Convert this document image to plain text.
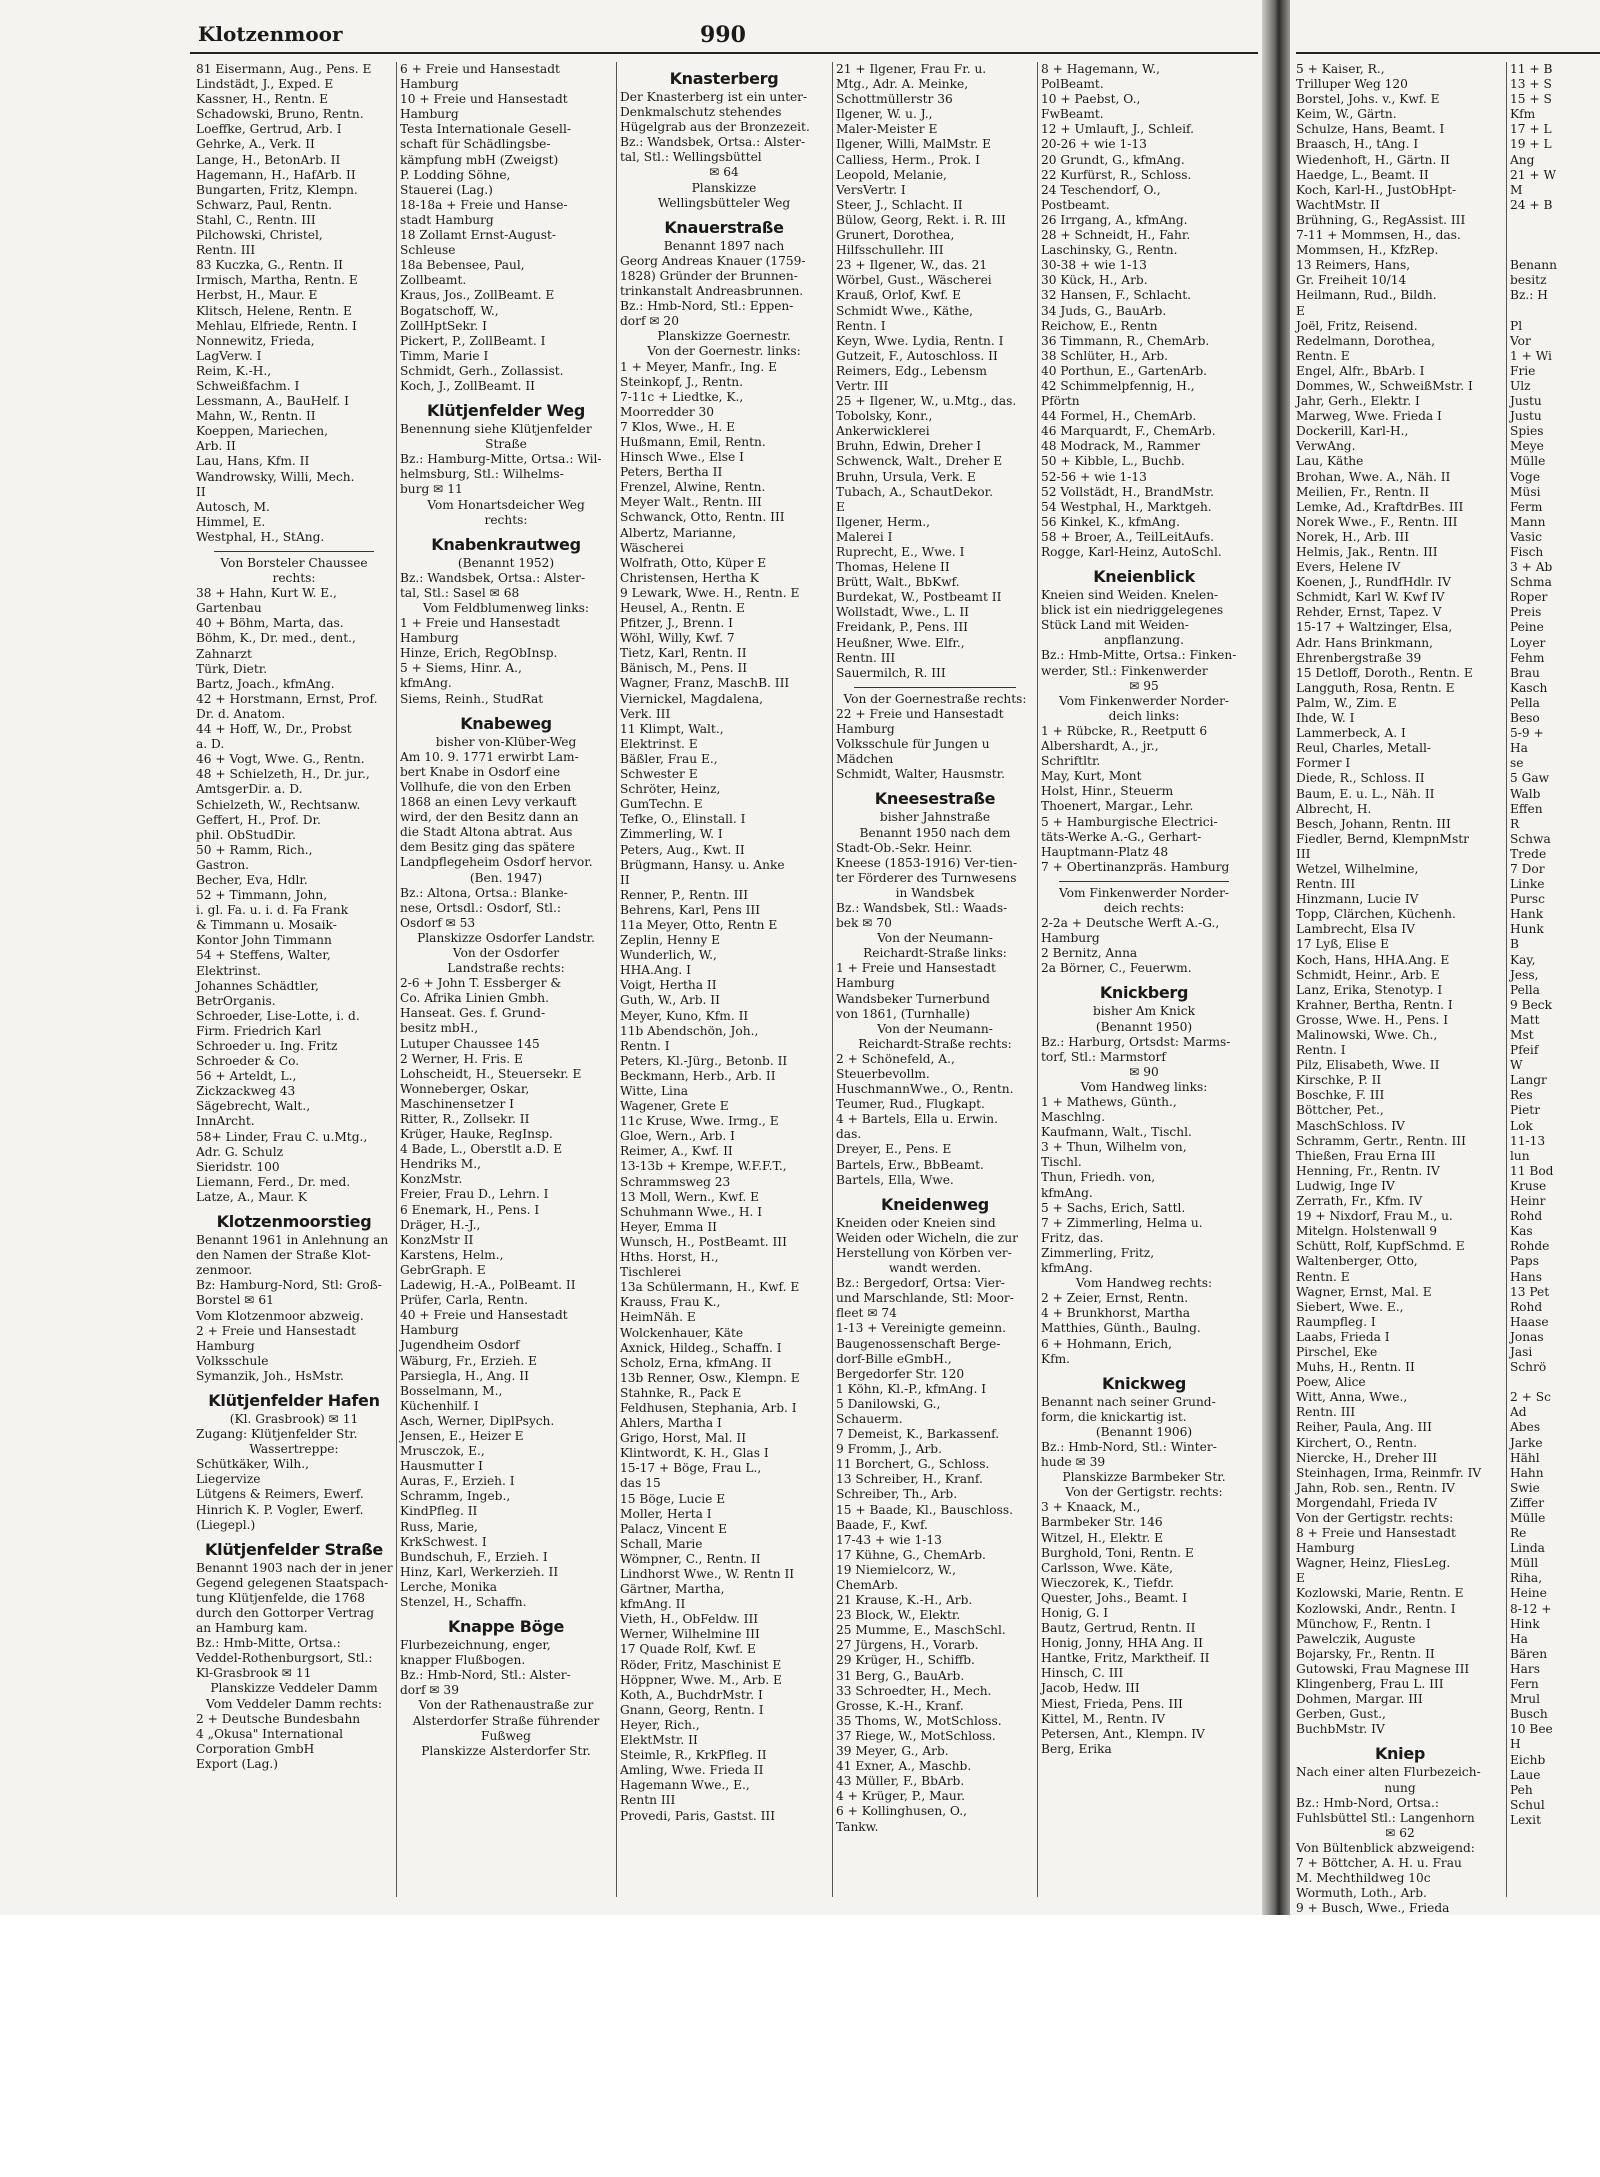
Klotzenmoor	990
81 Eisermann, Aug., Pens. E
Lindstädt, J., Exped. E
Kassner, H., Rentn. E
Schadowski, Bruno, Rentn.
Loeffke, Gertrud, Arb. I
Gehrke, A., Verk. II
Lange, H., BetonArb. II
Hagemann, H., HafArb. II
Bungarten, Fritz, Klempn.
Schwarz, Paul, Rentn.
Stahl, C., Rentn. III
Pilchowski, Christel,
Rentn. III
83 Kuczka, G., Rentn. II
Irmisch, Martha, Rentn. E
Herbst, H., Maur. E
Klitsch, Helene, Rentn. E
Mehlau, Elfriede, Rentn. I
Nonnewitz, Frieda,
LagVerw. I
Reim, K.-H.,
Schweißfachm. I
Lessmann, A., BauHelf. I
Mahn, W., Rentn. II
Koeppen, Mariechen,
Arb. II
Lau, Hans, Kfm. II
Wandrowsky, Willi, Mech.
II
Autosch, M.
Himmel, E.
Westphal, H., StAng.
Von Borsteler Chaussee
rechts:
38 + Hahn, Kurt W. E.,
Gartenbau
40 + Böhm, Marta, das.
Böhm, K., Dr. med., dent.,
Zahnarzt
Türk, Dietr.
Bartz, Joach., kfmAng.
42 + Horstmann, Ernst, Prof.
Dr. d. Anatom.
44 + Hoff, W., Dr., Probst
a. D.
46 + Vogt, Wwe. G., Rentn.
48 + Schielzeth, H., Dr. jur.,
AmtsgerDir. a. D.
Schielzeth, W., Rechtsanw.
Geffert, H., Prof. Dr.
phil. ObStudDir.
50 + Ramm, Rich.,
Gastron.
Becher, Eva, Hdlr.
52 + Timmann, John,
i. gl. Fa. u. i. d. Fa Frank
& Timmann u. Mosaik-
Kontor John Timmann
54 + Steffens, Walter,
Elektrinst.
Johannes Schädtler,
BetrOrganis.
Schroeder, Lise-Lotte, i. d.
Firm. Friedrich Karl
Schroeder u. Ing. Fritz
Schroeder & Co.
56 + Arteldt, L.,
Zickzackweg 43
Sägebrecht, Walt.,
InnArcht.
58+ Linder, Frau C. u.Mtg.,
Adr. G. Schulz
Sieridstr. 100
Liemann, Ferd., Dr. med.
Latze, A., Maur. K
Klotzenmoorstieg
Benannt 1961 in Anlehnung an
den Namen der Straße Klot-
zenmoor.
Bz: Hamburg-Nord, Stl: Groß-
Borstel ✉ 61
Vom Klotzenmoor abzweig.
2 + Freie und Hansestadt
Hamburg
Volksschule
Symanzik, Joh., HsMstr.
Klütjenfelder Hafen
(Kl. Grasbrook) ✉ 11
Zugang: Klütjenfelder Str.
Wassertreppe:
Schütkäker, Wilh.,
Liegervize
Lütgens & Reimers, Ewerf.
Hinrich K. P. Vogler, Ewerf.
(Liegepl.)
Klütjenfelder Straße
Benannt 1903 nach der in jener
Gegend gelegenen Staatspach-
tung Klütjenfelde, die 1768
durch den Gottorper Vertrag
an Hamburg kam.
Bz.: Hmb-Mitte, Ortsa.:
Veddel-Rothenburgsort, Stl.:
Kl-Grasbrook ✉ 11
Planskizze Veddeler Damm
Vom Veddeler Damm rechts:
2 + Deutsche Bundesbahn
4 „Okusa" International
Corporation GmbH
Export (Lag.)
6 + Freie und Hansestadt
Hamburg
10 + Freie und Hansestadt
Hamburg
Testa Internationale Gesell-
schaft für Schädlingsbe-
kämpfung mbH (Zweigst)
P. Lodding Söhne,
Stauerei (Lag.)
18-18a + Freie und Hanse-
stadt Hamburg
18 Zollamt Ernst-August-
Schleuse
18a Bebensee, Paul,
Zollbeamt.
Kraus, Jos., ZollBeamt. E
Bogatschoff, W.,
ZollHptSekr. I
Pickert, P., ZollBeamt. I
Timm, Marie I
Schmidt, Gerh., Zollassist.
Koch, J., ZollBeamt. II
Klütjenfelder Weg
Benennung siehe Klütjenfelder
Straße
Bz.: Hamburg-Mitte, Ortsa.: Wil-
helmsburg, Stl.: Wilhelms-
burg ✉ 11
Vom Honartsdeicher Weg
rechts:
Knabenkrautweg
(Benannt 1952)
Bz.: Wandsbek, Ortsa.: Alster-
tal, Stl.: Sasel ✉ 68
Vom Feldblumenweg links:
1 + Freie und Hansestadt
Hamburg
Hinze, Erich, RegObInsp.
5 + Siems, Hinr. A.,
kfmAng.
Siems, Reinh., StudRat
Knabeweg
bisher von-Klüber-Weg
Am 10. 9. 1771 erwirbt Lam-
bert Knabe in Osdorf eine
Vollhufe, die von den Erben
1868 an einen Levy verkauft
wird, der den Besitz dann an
die Stadt Altona abtrat. Aus
dem Besitz ging das spätere
Landpflegeheim Osdorf hervor.
(Ben. 1947)
Bz.: Altona, Ortsa.: Blanke-
nese, Ortsdl.: Osdorf, Stl.:
Osdorf ✉ 53
Planskizze Osdorfer Landstr.
Von der Osdorfer
Landstraße rechts:
2-6 + John T. Essberger &
Co. Afrika Linien Gmbh.
Hanseat. Ges. f. Grund-
besitz mbH.,
Lutuper Chaussee 145
2 Werner, H. Fris. E
Lohscheidt, H., Steuersekr. E
Wonneberger, Oskar,
Maschinensetzer I
Ritter, R., Zollsekr. II
Krüger, Hauke, RegInsp.
4 Bade, L., Oberstlt a.D. E
Hendriks M.,
KonzMstr.
Freier, Frau D., Lehrn. I
6 Enemark, H., Pens. I
Dräger, H.-J.,
KonzMstr II
Karstens, Helm.,
GebrGraph. E
Ladewig, H.-A., PolBeamt. II
Prüfer, Carla, Rentn.
40 + Freie und Hansestadt
Hamburg
Jugendheim Osdorf
Wäburg, Fr., Erzieh. E
Parsiegla, H., Ang. II
Bosselmann, M.,
Küchenhilf. I
Asch, Werner, DiplPsych.
Jensen, E., Heizer E
Mrusczok, E.,
Hausmutter I
Auras, F., Erzieh. I
Schramm, Ingeb.,
KindPfleg. II
Russ, Marie,
KrkSchwest. I
Bundschuh, F., Erzieh. I
Hinz, Karl, Werkerzieh. II
Lerche, Monika
Stenzel, H., Schaffn.
Knappe Böge
Flurbezeichnung, enger,
knapper Flußbogen.
Bz.: Hmb-Nord, Stl.: Alster-
dorf ✉ 39
Von der Rathenaustraße zur
Alsterdorfer Straße führender
Fußweg
Planskizze Alsterdorfer Str.
Knasterberg
Der Knasterberg ist ein unter-
Denkmalschutz stehendes
Hügelgrab aus der Bronzezeit.
Bz.: Wandsbek, Ortsa.: Alster-
tal, Stl.: Wellingsbüttel
✉ 64
Planskizze
Wellingsbütteler Weg
Knauerstraße
Benannt 1897 nach
Georg Andreas Knauer (1759-
1828) Gründer der Brunnen-
trinkanstalt Andreasbrunnen.
Bz.: Hmb-Nord, Stl.: Eppen-
dorf ✉ 20
Planskizze Goernestr.
Von der Goernestr. links:
1 + Meyer, Manfr., Ing. E
Steinkopf, J., Rentn.
7-11c + Liedtke, K.,
Moorredder 30
7 Klos, Wwe., H. E
Hußmann, Emil, Rentn.
Hinsch Wwe., Else I
Peters, Bertha II
Frenzel, Alwine, Rentn.
Meyer Walt., Rentn. III
Schwanck, Otto, Rentn. III
Albertz, Marianne,
Wäscherei
Wolfrath, Otto, Küper E
Christensen, Hertha K
9 Lewark, Wwe. H., Rentn. E
Heusel, A., Rentn. E
Pfitzer, J., Brenn. I
Wöhl, Willy, Kwf. 7
Tietz, Karl, Rentn. II
Bänisch, M., Pens. II
Wagner, Franz, MaschB. III
Viernickel, Magdalena,
Verk. III
11 Klimpt, Walt.,
Elektrinst. E
Bäßler, Frau E.,
Schwester E
Schröter, Heinz,
GumTechn. E
Tefke, O., Elinstall. I
Zimmerling, W. I
Peters, Aug., Kwt. II
Brügmann, Hansy. u. Anke
II
Renner, P., Rentn. III
Behrens, Karl, Pens III
11a Meyer, Otto, Rentn E
Zeplin, Henny E
Wunderlich, W.,
HHA.Ang. I
Voigt, Hertha II
Guth, W., Arb. II
Meyer, Kuno, Kfm. II
11b Abendschön, Joh.,
Rentn. I
Peters, Kl.-Jürg., Betonb. II
Beckmann, Herb., Arb. II
Witte, Lina
Wagener, Grete E
11c Kruse, Wwe. Irmg., E
Gloe, Wern., Arb. I
Reimer, A., Kwf. II
13-13b + Krempe, W.F.F.T.,
Schrammsweg 23
13 Moll, Wern., Kwf. E
Schuhmann Wwe., H. I
Heyer, Emma II
Wunsch, H., PostBeamt. III
Hths. Horst, H.,
Tischlerei
13a Schülermann, H., Kwf. E
Krauss, Frau K.,
HeimNäh. E
Wolckenhauer, Käte
Axnick, Hildeg., Schaffn. I
Scholz, Erna, kfmAng. II
13b Renner, Osw., Klempn. E
Stahnke, R., Pack E
Feldhusen, Stephania, Arb. I
Ahlers, Martha I
Grigo, Horst, Mal. II
Klintwordt, K. H., Glas I
15-17 + Böge, Frau L.,
das 15
15 Böge, Lucie E
Moller, Herta I
Palacz, Vincent E
Schall, Marie
Wömpner, C., Rentn. II
Lindhorst Wwe., W. Rentn II
Gärtner, Martha,
kfmAng. II
Vieth, H., ObFeldw. III
Werner, Wilhelmine III
17 Quade Rolf, Kwf. E
Röder, Fritz, Maschinist E
Höppner, Wwe. M., Arb. E
Koth, A., BuchdrMstr. I
Gnann, Georg, Rentn. I
Heyer, Rich.,
ElektMstr. II
Steimle, R., KrkPfleg. II
Amling, Wwe. Frieda II
Hagemann Wwe., E.,
Rentn III
Provedi, Paris, Gastst. III
21 + Ilgener, Frau Fr. u.
Mtg., Adr. A. Meinke,
Schottmüllerstr 36
Ilgener, W. u. J.,
Maler-Meister E
Ilgener, Willi, MalMstr. E
Calliess, Herm., Prok. I
Leopold, Melanie,
VersVertr. I
Steer, J., Schlacht. II
Bülow, Georg, Rekt. i. R. III
Grunert, Dorothea,
Hilfsschullehr. III
23 + Ilgener, W., das. 21
Wörbel, Gust., Wäscherei
Krauß, Orlof, Kwf. E
Schmidt Wwe., Käthe,
Rentn. I
Keyn, Wwe. Lydia, Rentn. I
Gutzeit, F., Autoschloss. II
Reimers, Edg., Lebensm
Vertr. III
25 + Ilgener, W., u.Mtg., das.
Tobolsky, Konr.,
Ankerwicklerei
Bruhn, Edwin, Dreher I
Schwenck, Walt., Dreher E
Bruhn, Ursula, Verk. E
Tubach, A., SchautDekor.
E
Ilgener, Herm.,
Malerei I
Ruprecht, E., Wwe. I
Thomas, Helene II
Brütt, Walt., BbKwf.
Burdekat, W., Postbeamt II
Wollstadt, Wwe., L. II
Freidank, P., Pens. III
Heußner, Wwe. Elfr.,
Rentn. III
Sauermilch, R. III
Von der Goernestraße rechts:
22 + Freie und Hansestadt
Hamburg
Volksschule für Jungen u
Mädchen
Schmidt, Walter, Hausmstr.
Kneesestraße
bisher Jahnstraße
Benannt 1950 nach dem
Stadt-Ob.-Sekr. Heinr.
Kneese (1853-1916) Ver-tien-
ter Förderer des Turnwesens
in Wandsbek
Bz.: Wandsbek, Stl.: Waads-
bek ✉ 70
Von der Neumann-
Reichardt-Straße links:
1 + Freie und Hansestadt
Hamburg
Wandsbeker Turnerbund
von 1861, (Turnhalle)
Von der Neumann-
Reichardt-Straße rechts:
2 + Schönefeld, A.,
Steuerbevollm.
HuschmannWwe., O., Rentn.
Teumer, Rud., Flugkapt.
4 + Bartels, Ella u. Erwin.
das.
Dreyer, E., Pens. E
Bartels, Erw., BbBeamt.
Bartels, Ella, Wwe.
Kneidenweg
Kneiden oder Kneien sind
Weiden oder Wicheln, die zur
Herstellung von Körben ver-
wandt werden.
Bz.: Bergedorf, Ortsa: Vier-
und Marschlande, Stl: Moor-
fleet ✉ 74
1-13 + Vereinigte gemeinn.
Baugenossenschaft Berge-
dorf-Bille eGmbH.,
Bergedorfer Str. 120
1 Köhn, Kl.-P., kfmAng. I
5 Danilowski, G.,
Schauerm.
7 Demeist, K., Barkassenf.
9 Fromm, J., Arb.
11 Borchert, G., Schloss.
13 Schreiber, H., Kranf.
Schreiber, Th., Arb.
15 + Baade, Kl., Bauschloss.
Baade, F., Kwf.
17-43 + wie 1-13
17 Kühne, G., ChemArb.
19 Niemielcorz, W.,
ChemArb.
21 Krause, K.-H., Arb.
23 Block, W., Elektr.
25 Mumme, E., MaschSchl.
27 Jürgens, H., Vorarb.
29 Krüger, H., Schiffb.
31 Berg, G., BauArb.
33 Schroedter, H., Mech.
Grosse, K.-H., Kranf.
35 Thoms, W., MotSchloss.
37 Riege, W., MotSchloss.
39 Meyer, G., Arb.
41 Exner, A., Maschb.
43 Müller, F., BbArb.
4 + Krüger, P., Maur.
6 + Kollinghusen, O.,
Tankw.
8 + Hagemann, W.,
PolBeamt.
10 + Paebst, O.,
FwBeamt.
12 + Umlauft, J., Schleif.
20-26 + wie 1-13
20 Grundt, G., kfmAng.
22 Kurfürst, R., Schloss.
24 Teschendorf, O.,
Postbeamt.
26 Irrgang, A., kfmAng.
28 + Schneidt, H., Fahr.
Laschinsky, G., Rentn.
30-38 + wie 1-13
30 Kück, H., Arb.
32 Hansen, F., Schlacht.
34 Juds, G., BauArb.
Reichow, E., Rentn
36 Timmann, R., ChemArb.
38 Schlüter, H., Arb.
40 Porthun, E., GartenArb.
42 Schimmelpfennig, H.,
Pförtn
44 Formel, H., ChemArb.
46 Marquardt, F., ChemArb.
48 Modrack, M., Rammer
50 + Kibble, L., Buchb.
52-56 + wie 1-13
52 Vollstädt, H., BrandMstr.
54 Westphal, H., Marktgeh.
56 Kinkel, K., kfmAng.
58 + Broer, A., TeilLeitAufs.
Rogge, Karl-Heinz, AutoSchl.
Kneienblick
Kneien sind Weiden. Knelen-
blick ist ein niedriggelegenes
Stück Land mit Weiden-
anpflanzung.
Bz.: Hmb-Mitte, Ortsa.: Finken-
werder, Stl.: Finkenwerder
✉ 95
Vom Finkenwerder Norder-
deich links:
1 + Rübcke, R., Reetputt 6
Albershardt, A., jr.,
Schriftltr.
May, Kurt, Mont
Holst, Hinr., Steuerm
Thoenert, Margar., Lehr.
5 + Hamburgische Electrici-
täts-Werke A.-G., Gerhart-
Hauptmann-Platz 48
7 + Obertinanzpräs. Hamburg
Vom Finkenwerder Norder-
deich rechts:
2-2a + Deutsche Werft A.-G.,
Hamburg
2 Bernitz, Anna
2a Börner, C., Feuerwm.
Knickberg
bisher Am Knick
(Benannt 1950)
Bz.: Harburg, Ortsdst: Marms-
torf, Stl.: Marmstorf
✉ 90
Vom Handweg links:
1 + Mathews, Günth.,
Maschlng.
Kaufmann, Walt., Tischl.
3 + Thun, Wilhelm von,
Tischl.
Thun, Friedh. von,
kfmAng.
5 + Sachs, Erich, Sattl.
7 + Zimmerling, Helma u.
Fritz, das.
Zimmerling, Fritz,
kfmAng.
Vom Handweg rechts:
2 + Zeier, Ernst, Rentn.
4 + Brunkhorst, Martha
Matthies, Günth., Baulng.
6 + Hohmann, Erich,
Kfm.
Knickweg
Benannt nach seiner Grund-
form, die knickartig ist.
(Benannt 1906)
Bz.: Hmb-Nord, Stl.: Winter-
hude ✉ 39
Planskizze Barmbeker Str.
Von der Gertigstr. rechts:
3 + Knaack, M.,
Barmbeker Str. 146
Witzel, H., Elektr. E
Burghold, Toni, Rentn. E
Carlsson, Wwe. Käte,
Wieczorek, K., Tiefdr.
Quester, Johs., Beamt. I
Honig, G. I
Bautz, Gertrud, Rentn. II
Honig, Jonny, HHA Ang. II
Hantke, Fritz, Marktheif. II
Hinsch, C. III
Jacob, Hedw. III
Miest, Frieda, Pens. III
Kittel, M., Rentn. IV
Petersen, Ant., Klempn. IV
Berg, Erika
5 + Kaiser, R.,
Trilluper Weg 120
Borstel, Johs. v., Kwf. E
Keim, W., Gärtn.
Schulze, Hans, Beamt. I
Braasch, H., tAng. I
Wiedenhoft, H., Gärtn. II
Haedge, L., Beamt. II
Koch, Karl-H., JustObHpt-
WachtMstr. II
Brühning, G., RegAssist. III
7-11 + Mommsen, H., das.
Mommsen, H., KfzRep.
13 Reimers, Hans,
Gr. Freiheit 10/14
Heilmann, Rud., Bildh.
E
Joël, Fritz, Reisend.
Redelmann, Dorothea,
Rentn. E
Engel, Alfr., BbArb. I
Dommes, W., SchweißMstr. I
Jahr, Gerh., Elektr. I
Marweg, Wwe. Frieda I
Dockerill, Karl-H.,
VerwAng.
Lau, Käthe
Brohan, Wwe. A., Näh. II
Meilien, Fr., Rentn. II
Lemke, Ad., KraftdrBes. III
Norek Wwe., F., Rentn. III
Norek, H., Arb. III
Helmis, Jak., Rentn. III
Evers, Helene IV
Koenen, J., RundfHdlr. IV
Schmidt, Karl W. Kwf IV
Rehder, Ernst, Tapez. V
15-17 + Waltzinger, Elsa,
Adr. Hans Brinkmann,
Ehrenbergstraße 39
15 Detloff, Doroth., Rentn. E
Langguth, Rosa, Rentn. E
Palm, W., Zim. E
Ihde, W. I
Lammerbeck, A. I
Reul, Charles, Metall-
Former I
Diede, R., Schloss. II
Baum, E. u. L., Näh. II
Albrecht, H.
Besch, Johann, Rentn. III
Fiedler, Bernd, KlempnMstr
III
Wetzel, Wilhelmine,
Rentn. III
Hinzmann, Lucie IV
Topp, Clärchen, Küchenh.
Lambrecht, Elsa IV
17 Lyß, Elise E
Koch, Hans, HHA.Ang. E
Schmidt, Heinr., Arb. E
Lanz, Erika, Stenotyp. I
Krahner, Bertha, Rentn. I
Grosse, Wwe. H., Pens. I
Malinowski, Wwe. Ch.,
Rentn. I
Pilz, Elisabeth, Wwe. II
Kirschke, P. II
Boschke, F. III
Böttcher, Pet.,
MaschSchloss. IV
Schramm, Gertr., Rentn. III
Thießen, Frau Erna III
Henning, Fr., Rentn. IV
Ludwig, Inge IV
Zerrath, Fr., Kfm. IV
19 + Nixdorf, Frau M., u.
Mitelgn. Holstenwall 9
Schütt, Rolf, KupfSchmd. E
Waltenberger, Otto,
Rentn. E
Wagner, Ernst, Mal. E
Siebert, Wwe. E.,
Raumpfleg. I
Laabs, Frieda I
Pirschel, Eke
Muhs, H., Rentn. II
Poew, Alice
Witt, Anna, Wwe.,
Rentn. III
Reiher, Paula, Ang. III
Kirchert, O., Rentn.
Niercke, H., Dreher III
Steinhagen, Irma, Reinmfr. IV
Jahn, Rob. sen., Rentn. IV
Morgendahl, Frieda IV
Von der Gertigstr. rechts:
8 + Freie und Hansestadt
Hamburg
Wagner, Heinz, FliesLeg.
E
Kozlowski, Marie, Rentn. E
Kozlowski, Andr., Rentn. I
Münchow, F., Rentn. I
Pawelczik, Auguste
Bojarsky, Fr., Rentn. II
Gutowski, Frau Magnese III
Klingenberg, Frau L. III
Dohmen, Margar. III
Gerben, Gust.,
BuchbMstr. IV
Kniep
Nach einer alten Flurbezeich-
nung
Bz.: Hmb-Nord, Ortsa.:
Fuhlsbüttel Stl.: Langenhorn
✉ 62
Von Bültenblick abzweigend:
7 + Böttcher, A. H. u. Frau
M. Mechthildweg 10c
Wormuth, Loth., Arb.
9 + Busch, Wwe., Frieda
11 + B
13 + S
15 + S
Kfm
17 + L
19 + L
Ang
21 + W
M
24 + B

Benann
besitz
Bz.: H

Pl
Vor
1 + Wi
Frie
Ulz
Justu
Justu
Spies
Meye
Mülle
Voge
Müsi
Ferm
Mann
Vasic
Fisch
3 + Ab
Schma
Roper
Preis
Peine
Loyer
Fehm
Brau
Kasch
Pella
Beso
5-9 +
Ha
se
5 Gaw
Walb
Effen
R
Schwa
Trede
7 Dor
Linke
Pursc
Hank
Hunk
B
Kay,
Jess,
Pella
9 Beck
Matt
Mst
Pfeif
W
Langr
Res
Pietr
Lok
11-13
lun
11 Bod
Kruse
Heinr
Rohd
Kas
Rohde
Paps
Hans
13 Pet
Rohd
Haase
Jonas
Jasi
Schrö

2 + Sc
Ad
Abes
Jarke
Hähl
Hahn
Swie
Ziffer
Mülle
Re
Linda
Müll
Riha,
Heine
8-12 +
Hink
Ha
Bären
Hars
Fern
Mrul
Busch
10 Bee
H
Eichb
Laue
Peh
Schul
Lexit
